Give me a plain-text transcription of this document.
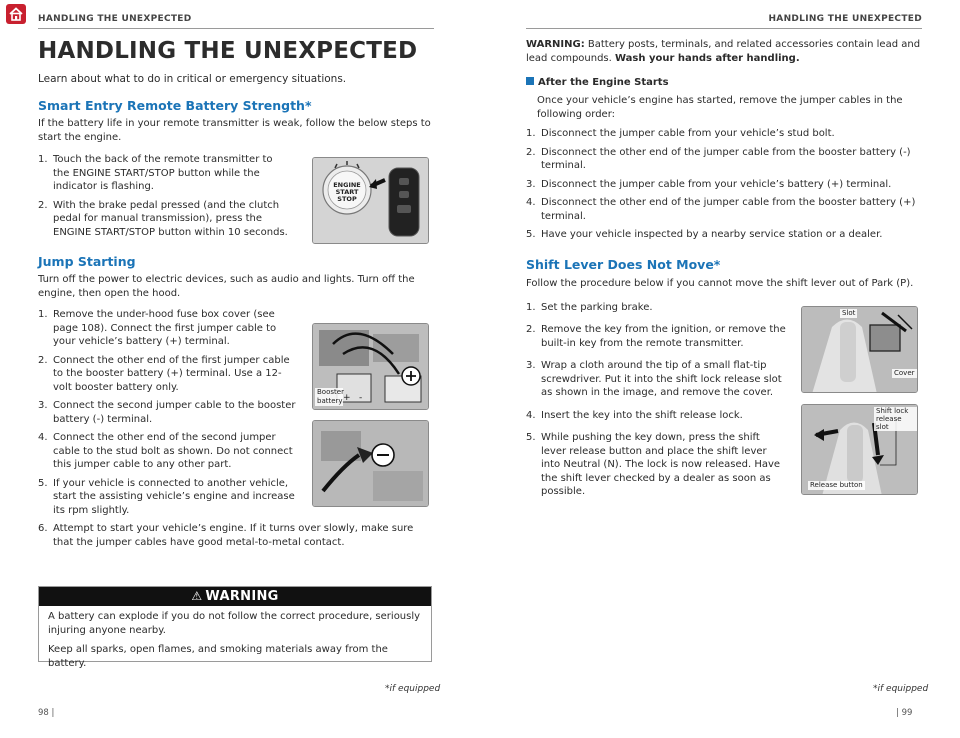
HANDLING THE UNEXPECTED	HANDLING THE UNEXPECTED
HANDLING THE UNEXPECTED

Learn about what to do in critical or emergency situations.

Smart Entry Remote Battery Strength*

If the battery life in your remote transmitter is weak, follow the below steps to start the engine.

1. Touch the back of the remote transmitter to the ENGINE START/STOP button while the indicator is flashing.
2. With the brake pedal pressed (and the clutch pedal for manual transmission), press the ENGINE START/STOP button within 10 seconds.
Jump Starting

Turn off the power to electric devices, such as audio and lights. Turn off the engine, then open the hood.

1. Remove the under-hood fuse box cover (see page 108). Connect the first jumper cable to your vehicle’s battery (+) terminal.
2. Connect the other end of the first jumper cable to the booster battery (+) terminal. Use a 12-volt booster battery only.
3. Connect the second jumper cable to the booster battery (-) terminal.
4. Connect the other end of the second jumper cable to the stud bolt as shown. Do not connect this jumper cable to any other part.
5. If your vehicle is connected to another vehicle, start the assisting vehicle’s engine and increase its rpm slightly.
6. Attempt to start your vehicle’s engine. If it turns over slowly, make sure that the jumper cables have good metal-to-metal contact.
ENGINE START STOP
+ -
Booster battery
⚠ WARNING

A battery can explode if you do not follow the correct procedure, seriously injuring anyone nearby.

Keep all sparks, open flames, and smoking materials away from the battery.

*if equipped
98 |

WARNING: Battery posts, terminals, and related accessories contain lead and lead compounds. Wash your hands after handling.

After the Engine Starts

Once your vehicle’s engine has started, remove the jumper cables in the following order:

1. Disconnect the jumper cable from your vehicle’s stud bolt.
2. Disconnect the other end of the jumper cable from the booster battery (-) terminal.
3. Disconnect the jumper cable from your vehicle’s battery (+) terminal.
4. Disconnect the other end of the jumper cable from the booster battery (+) terminal.
5. Have your vehicle inspected by a nearby service station or a dealer.
Shift Lever Does Not Move*

Follow the procedure below if you cannot move the shift lever out of Park (P).

1. Set the parking brake.
2. Remove the key from the ignition, or remove the built-in key from the remote transmitter.
3. Wrap a cloth around the tip of a small flat-tip screwdriver. Put it into the shift lock release slot as shown in the image, and remove the cover.
4. Insert the key into the shift release lock.
5. While pushing the key down, press the shift lever release button and place the shift lever into Neutral (N). The lock is now released. Have the shift lever checked by a dealer as soon as possible.
Slot
Cover
Shift lock release slot
Release button
*if equipped
| 99
